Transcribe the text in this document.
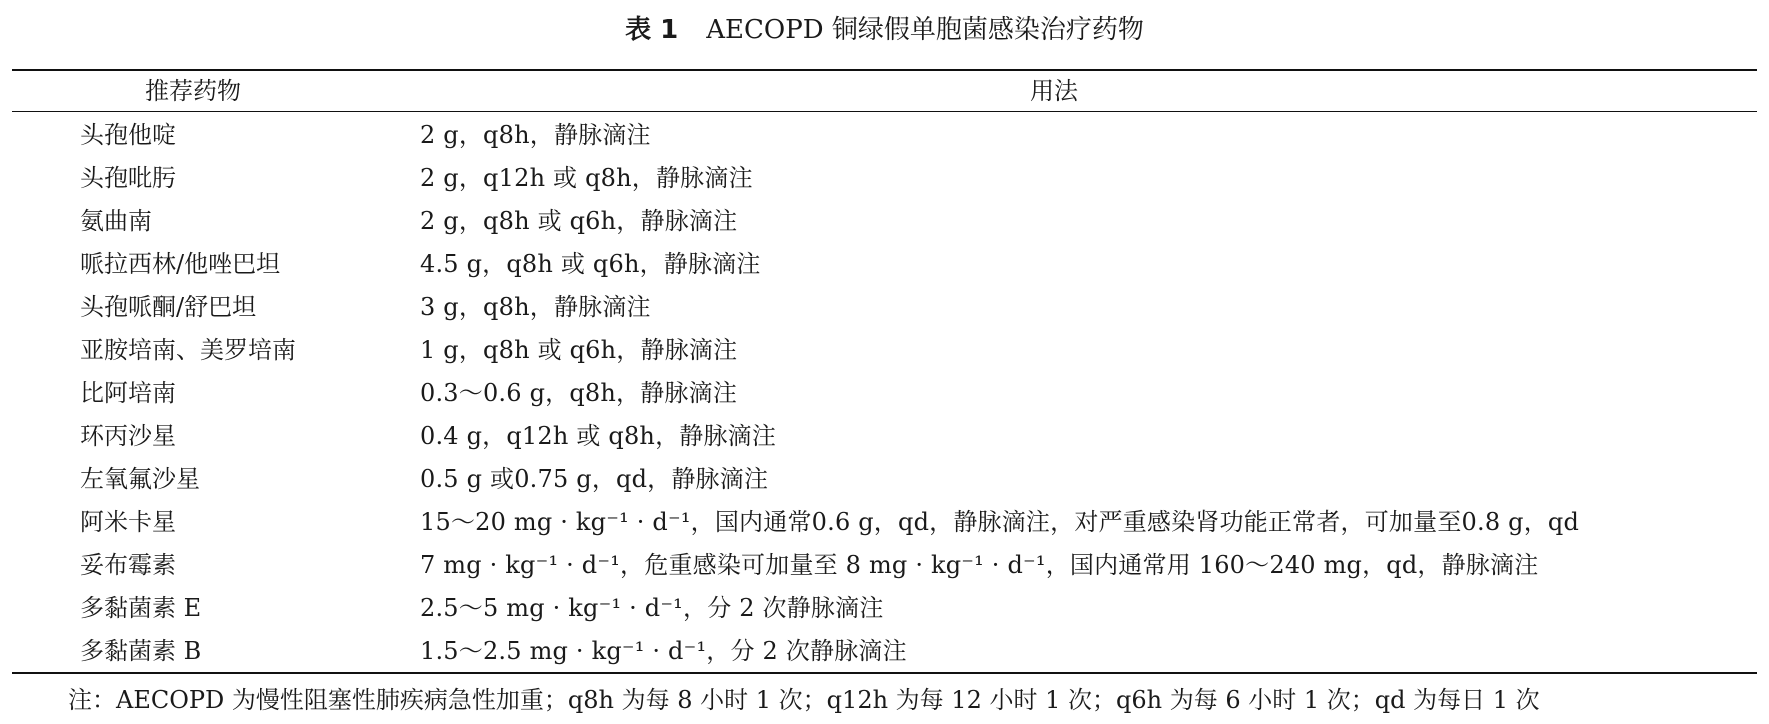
表 1 AECOPD 铜绿假单胞菌感染治疗药物
推荐药物	用法
头孢他啶	2 g，q8h，静脉滴注
头孢吡肟	2 g，q12h 或 q8h，静脉滴注
氨曲南	2 g，q8h 或 q6h，静脉滴注
哌拉西林/他唑巴坦	4.5 g，q8h 或 q6h，静脉滴注
头孢哌酮/舒巴坦	3 g，q8h，静脉滴注
亚胺培南、美罗培南	1 g，q8h 或 q6h，静脉滴注
比阿培南	0.3～0.6 g，q8h，静脉滴注
环丙沙星	0.4 g，q12h 或 q8h，静脉滴注
左氧氟沙星	0.5 g 或0.75 g，qd，静脉滴注
阿米卡星	15～20 mg · kg⁻¹ · d⁻¹，国内通常0.6 g，qd，静脉滴注，对严重感染肾功能正常者，可加量至0.8 g，qd
妥布霉素	7 mg · kg⁻¹ · d⁻¹，危重感染可加量至 8 mg · kg⁻¹ · d⁻¹，国内通常用 160～240 mg，qd，静脉滴注
多黏菌素 E	2.5～5 mg · kg⁻¹ · d⁻¹，分 2 次静脉滴注
多黏菌素 B	1.5～2.5 mg · kg⁻¹ · d⁻¹，分 2 次静脉滴注
注：AECOPD 为慢性阻塞性肺疾病急性加重；q8h 为每 8 小时 1 次；q12h 为每 12 小时 1 次；q6h 为每 6 小时 1 次；qd 为每日 1 次
